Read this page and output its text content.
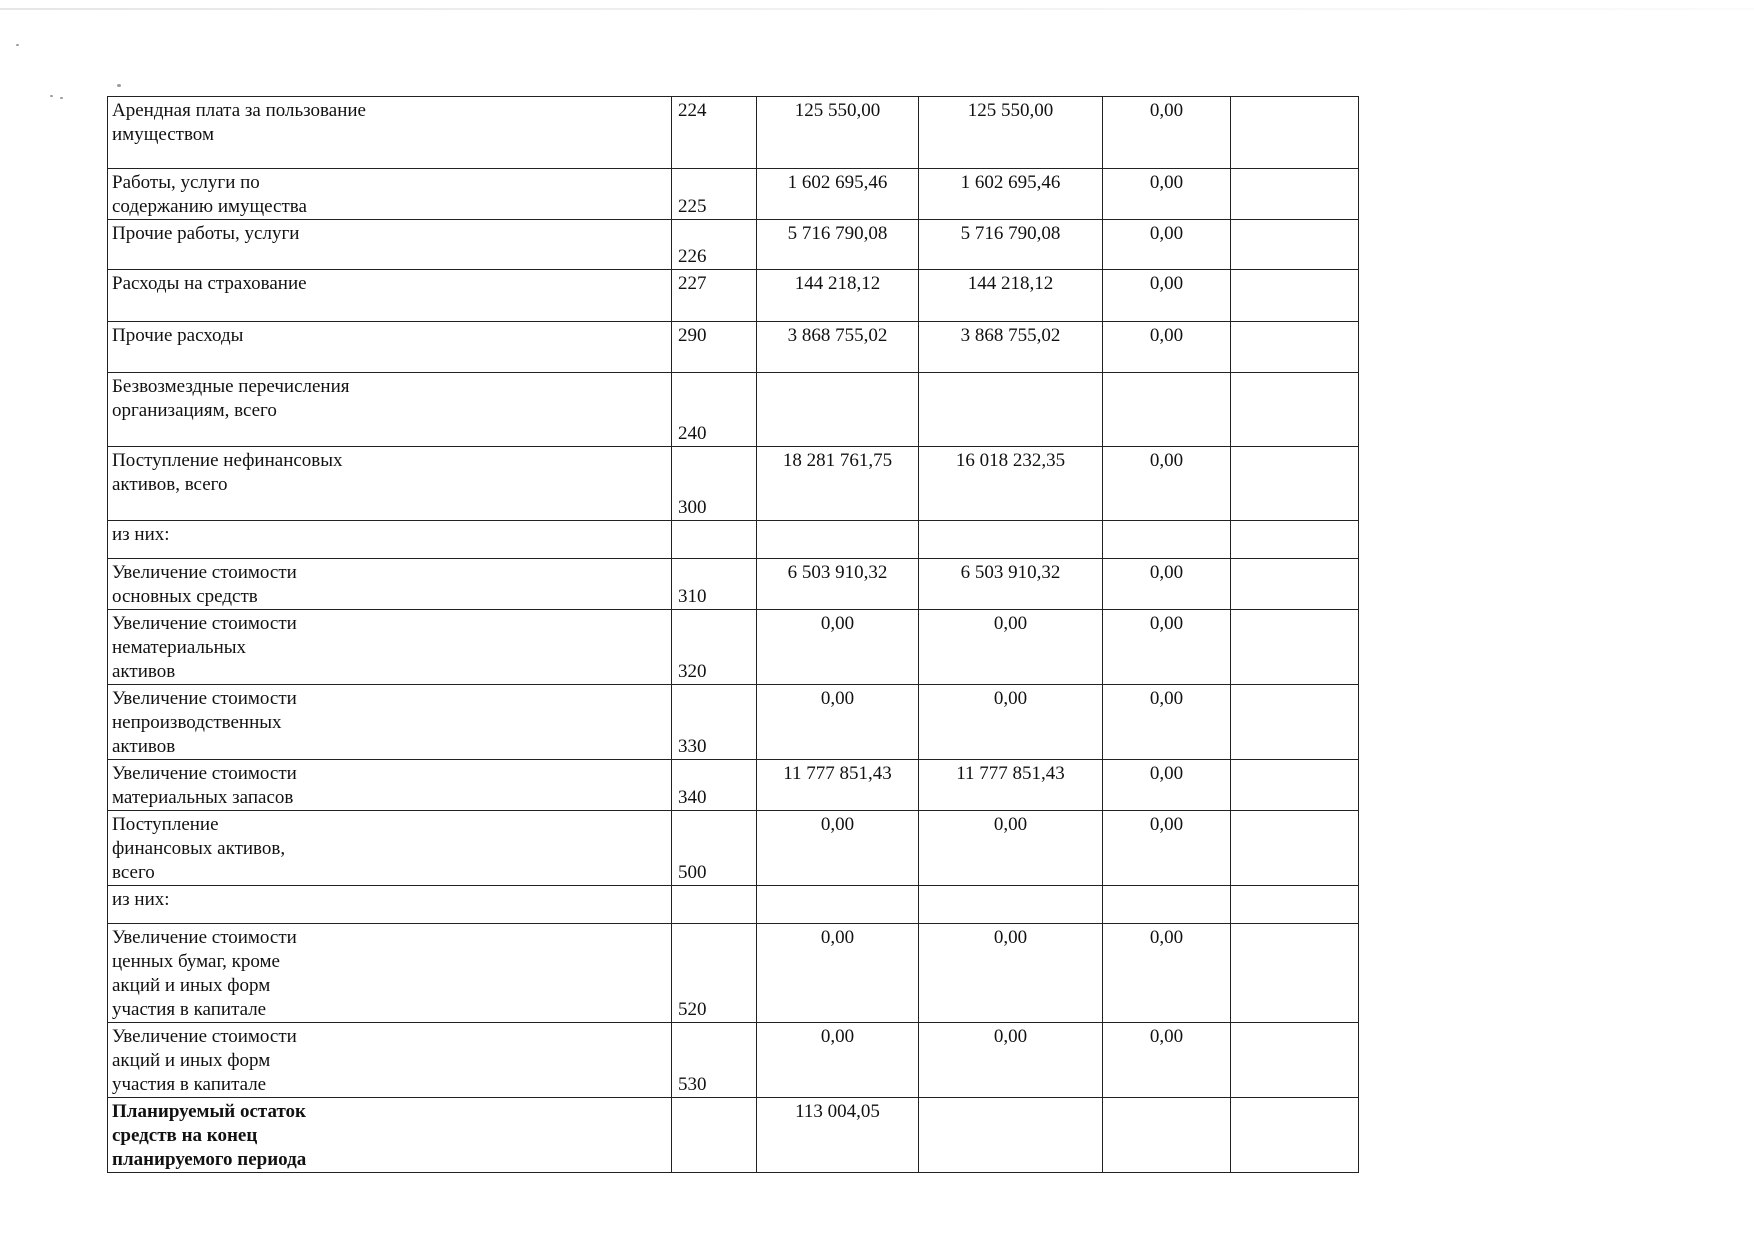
Арендная плата за пользование
имуществом	224	125 550,00	125 550,00	0,00	
Работы, услуги по
содержанию имущества	225	1 602 695,46	1 602 695,46	0,00	
Прочие работы, услуги	226	5 716 790,08	5 716 790,08	0,00	
Расходы на страхование	227	144 218,12	144 218,12	0,00	
Прочие расходы	290	3 868 755,02	3 868 755,02	0,00	
Безвозмездные перечисления
организациям, всего	240				
Поступление нефинансовых
активов, всего	300	18 281 761,75	16 018 232,35	0,00	
из них:					
Увеличение стоимости
основных средств	310	6 503 910,32	6 503 910,32	0,00	
Увеличение стоимости
нематериальных
активов	320	0,00	0,00	0,00	
Увеличение стоимости
непроизводственных
активов	330	0,00	0,00	0,00	
Увеличение стоимости
материальных запасов	340	11 777 851,43	11 777 851,43	0,00	
Поступление
финансовых активов,
всего	500	0,00	0,00	0,00	
из них:					
Увеличение стоимости
ценных бумаг, кроме
акций и иных форм
участия в капитале	520	0,00	0,00	0,00	
Увеличение стоимости
акций и иных форм
участия в капитале	530	0,00	0,00	0,00	
Планируемый остаток
средств на конец
планируемого периода		113 004,05			
